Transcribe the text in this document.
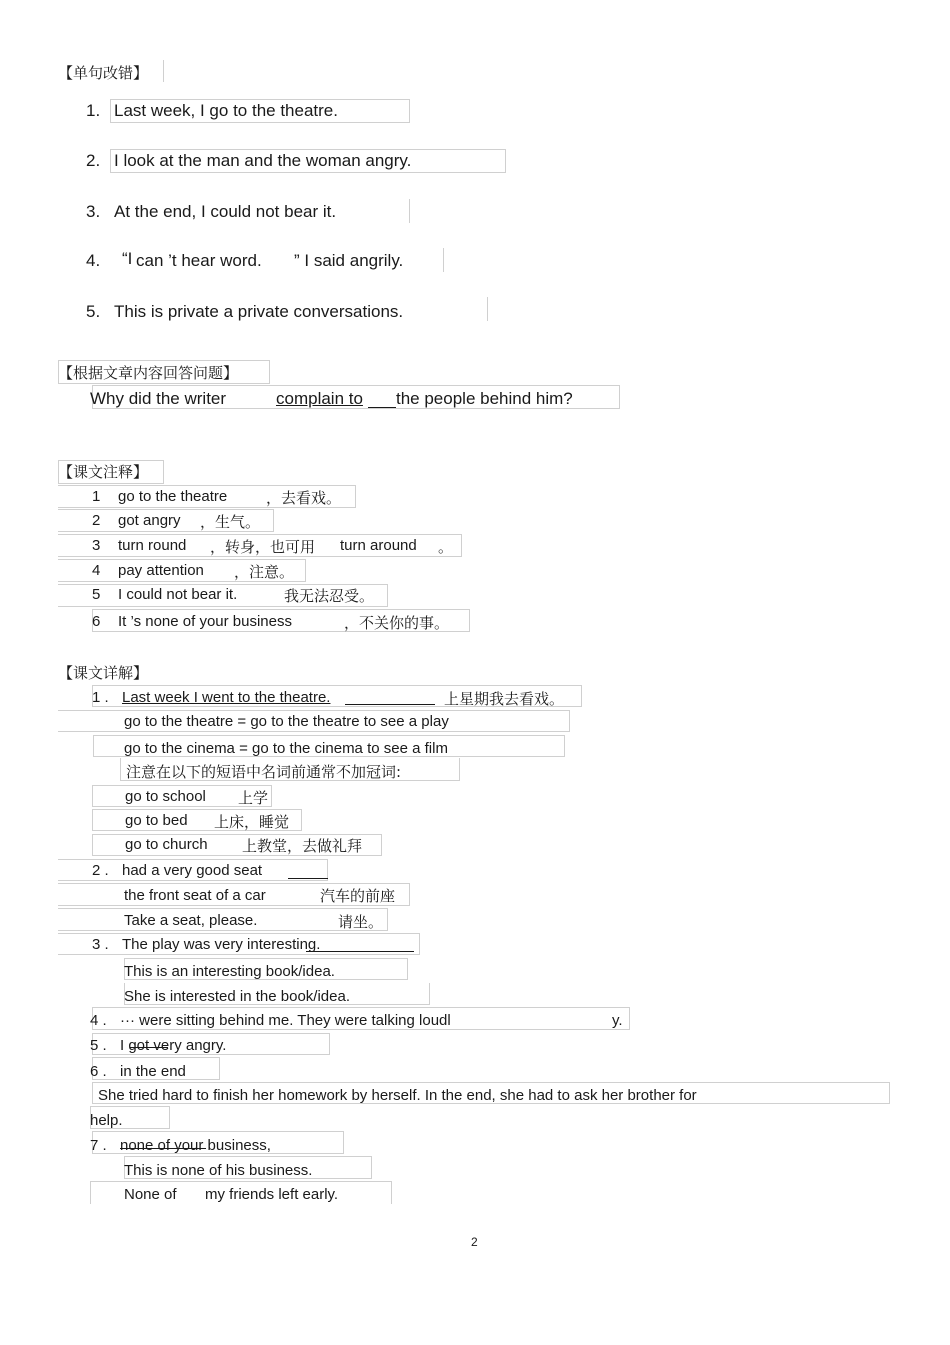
【单句改错】
1. Last week, I go to the theatre.
2. I look at the man and the woman angry.
3. At the end, I could not bear it.
4. “I can ’t hear word. ” I said angrily.
5. This is private a private conversations.
【根据文章内容回答问题】
Why did the writer	complain to the people behind him?
【课文注释】
1 go to the theatre	，去看戏。
2 got angry ，生气。
3 turn round ，转身，也可用 turn around 。
4 pay attention ，注意。
5 I could not bear it.	我无法忍受。
6 It ’s none of your business	，不关你的事。
【课文详解】
1 . Last week I went to the theatre.	上星期我去看戏。
go to the theatre = go to the theatre to see a play
go to the cinema = go to the cinema to see a film
注意在以下的短语中名词前通常不加冠词:
go to school 上学
go to bed 上床，睡觉
go to church 上教堂，去做礼拜
2 . had a very good seat
the front seat of a car	汽车的前座
Take a seat, please.	请坐。
3 . The play was very interesting.
This is an interesting book/idea.
She is interested in the book/idea.
4 . ··· were sitting behind me. They were talking loudl	y.
5 . I got very angry.
6 . in the end
She tried hard to finish her homework by herself. In the end, she had to ask her brother for
help.
7 . none of your business,
This is none of his business.
None of my friends left early.
2
